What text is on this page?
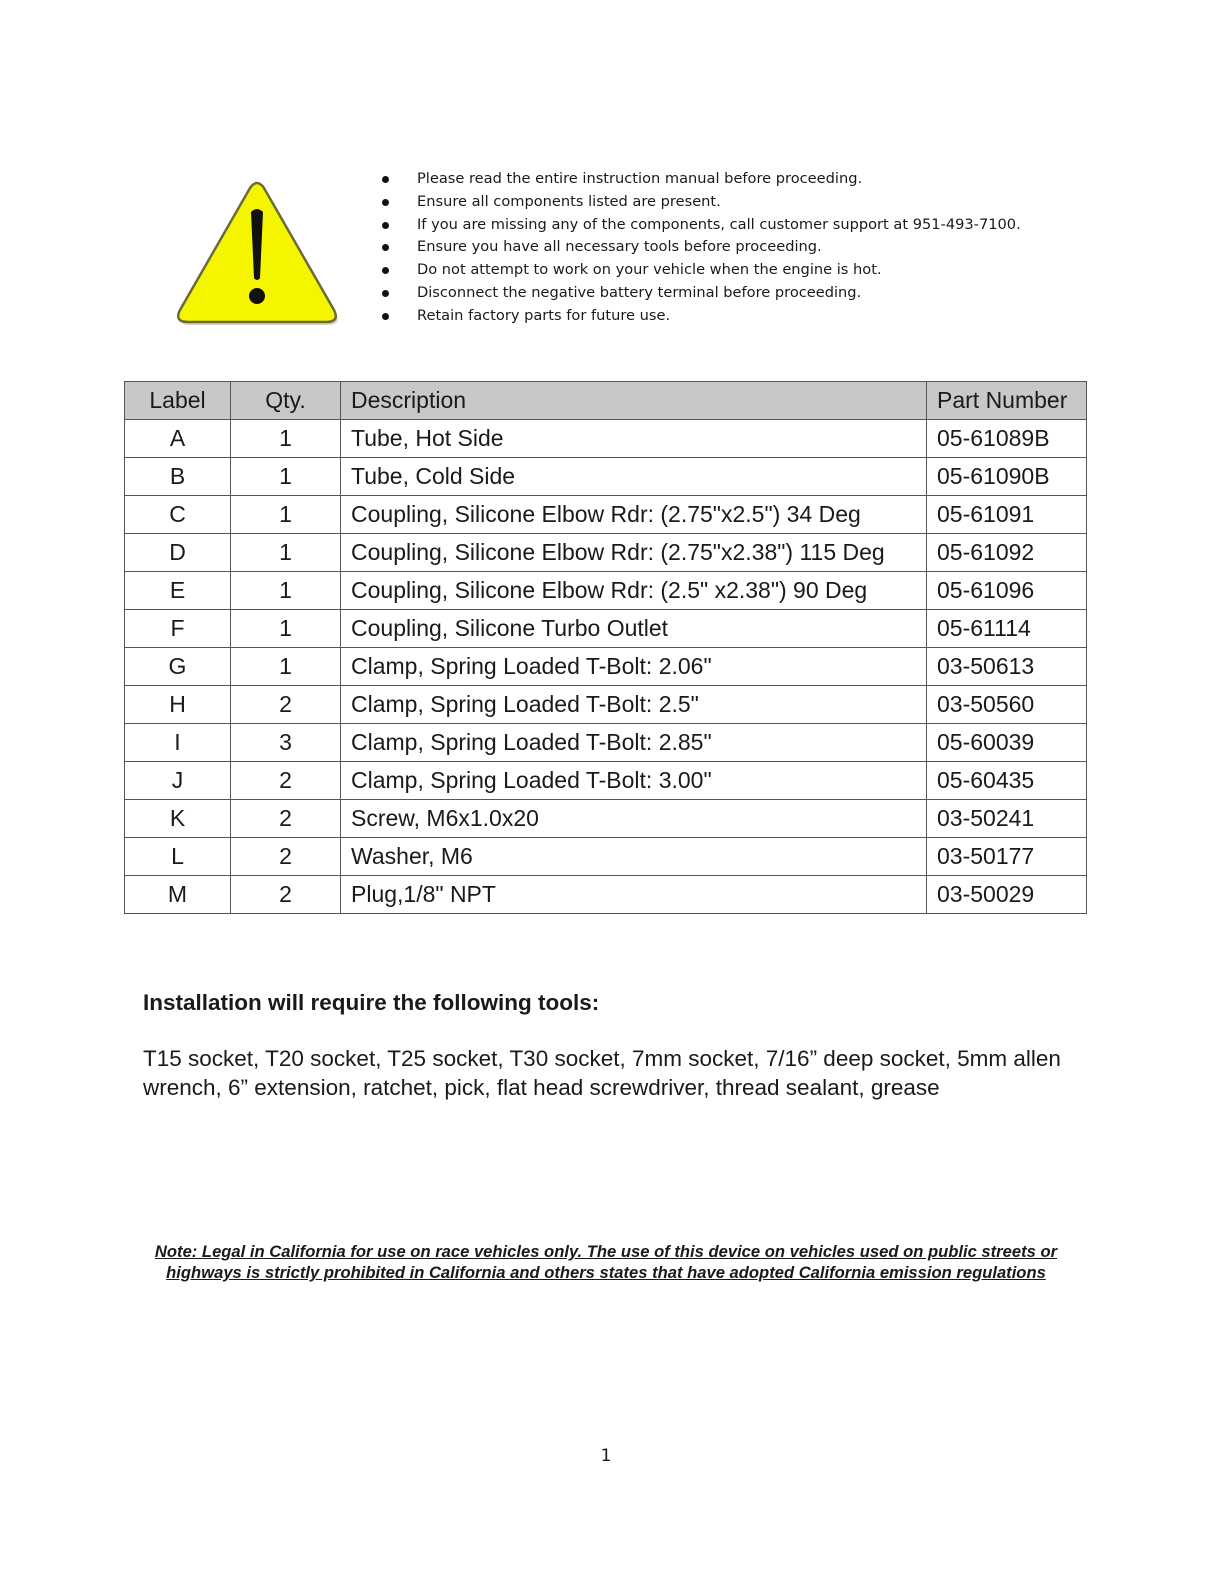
Please read the entire instruction manual before proceeding.
Ensure all components listed are present.
If you are missing any of the components, call customer support at 951-493-7100.
Ensure you have all necessary tools before proceeding.
Do not attempt to work on your vehicle when the engine is hot.
Disconnect the negative battery terminal before proceeding.
Retain factory parts for future use.
Label	Qty.	Description	Part Number
A	1	Tube, Hot Side	05-61089B
B	1	Tube, Cold Side	05-61090B
C	1	Coupling, Silicone Elbow Rdr: (2.75"x2.5") 34 Deg	05-61091
D	1	Coupling, Silicone Elbow Rdr: (2.75"x2.38") 115 Deg	05-61092
E	1	Coupling, Silicone Elbow Rdr: (2.5" x2.38") 90 Deg	05-61096
F	1	Coupling, Silicone Turbo Outlet	05-61114
G	1	Clamp, Spring Loaded T-Bolt: 2.06"	03-50613
H	2	Clamp, Spring Loaded T-Bolt: 2.5"	03-50560
I	3	Clamp, Spring Loaded T-Bolt: 2.85"	05-60039
J	2	Clamp, Spring Loaded T-Bolt: 3.00"	05-60435
K	2	Screw, M6x1.0x20	03-50241
L	2	Washer, M6	03-50177
M	2	Plug,1/8" NPT	03-50029
Installation will require the following tools:

T15 socket, T20 socket, T25 socket, T30 socket, 7mm socket, 7/16” deep socket, 5mm allen wrench, 6” extension, ratchet, pick, flat head screwdriver, thread sealant, grease

Note: Legal in California for use on race vehicles only. The use of this device on vehicles used on public streets or highways is strictly prohibited in California and others states that have adopted California emission regulations

1
